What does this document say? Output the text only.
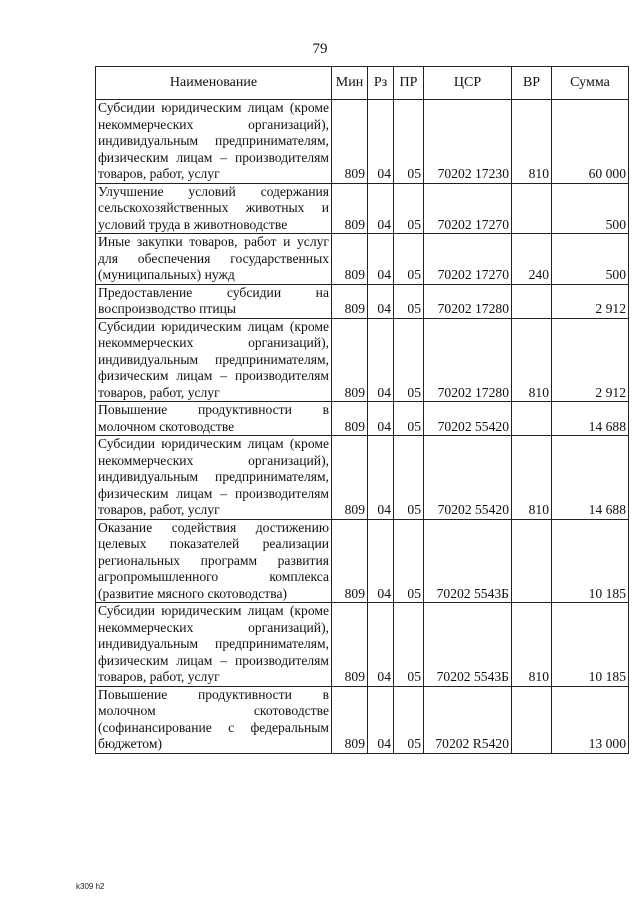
79
Наименование	Мин	Рз	ПР	ЦСР	ВР	Сумма
Субсидии юридическим лицам (кроме некоммерческих организаций), индивидуальным предпринимателям, физическим лицам – производителям товаров, работ, услуг	809	04	05	70202 17230	810	60 000
Улучшение условий содержания сельскохозяйственных животных и условий труда в животноводстве	809	04	05	70202 17270		500
Иные закупки товаров, работ и услуг для обеспечения государственных (муниципальных) нужд	809	04	05	70202 17270	240	500
Предоставление субсидии на воспроизводство птицы	809	04	05	70202 17280		2 912
Субсидии юридическим лицам (кроме некоммерческих организаций), индивидуальным предпринимателям, физическим лицам – производителям товаров, работ, услуг	809	04	05	70202 17280	810	2 912
Повышение продуктивности в молочном скотоводстве	809	04	05	70202 55420		14 688
Субсидии юридическим лицам (кроме некоммерческих организаций), индивидуальным предпринимателям, физическим лицам – производителям товаров, работ, услуг	809	04	05	70202 55420	810	14 688
Оказание содействия достижению целевых показателей реализации региональных программ развития агропромышленного комплекса (развитие мясного скотоводства)	809	04	05	70202 5543Б		10 185
Субсидии юридическим лицам (кроме некоммерческих организаций), индивидуальным предпринимателям, физическим лицам – производителям товаров, работ, услуг	809	04	05	70202 5543Б	810	10 185
Повышение продуктивности в молочном скотоводстве (софинансирование с федеральным бюджетом)	809	04	05	70202 R5420		13 000
k309 h2
